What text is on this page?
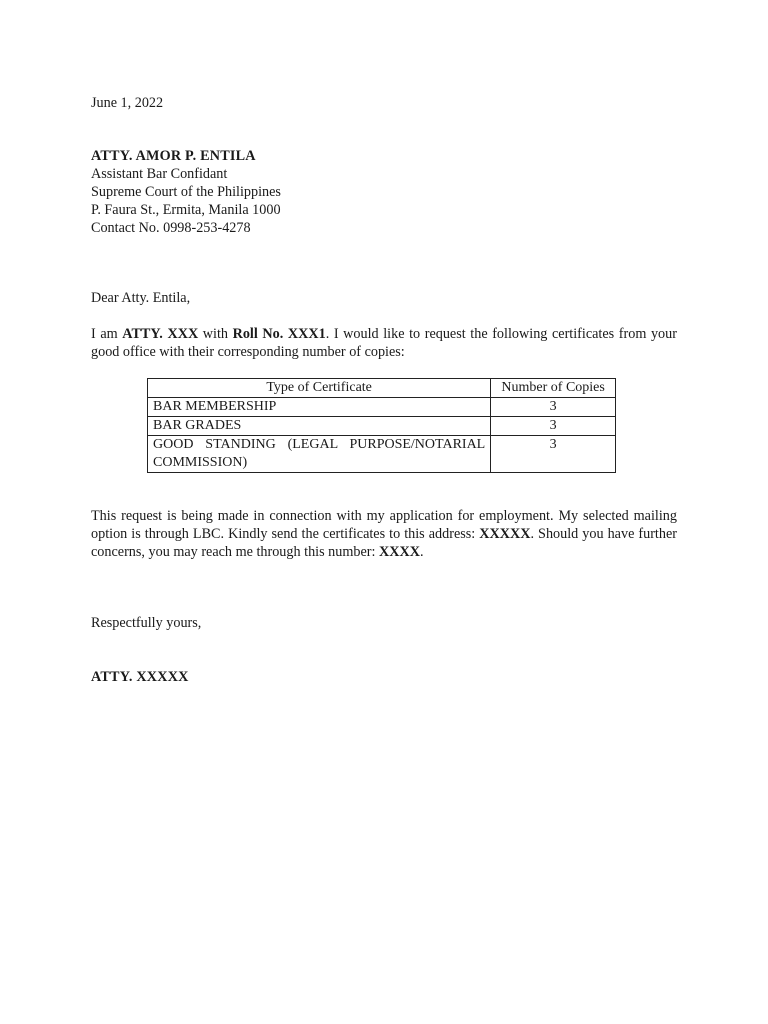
June 1, 2022
ATTY. AMOR P. ENTILA
Assistant Bar Confidant
Supreme Court of the Philippines
P. Faura St., Ermita, Manila 1000
Contact No. 0998-253-4278
Dear Atty. Entila,
I am ATTY. XXX with Roll No. XXX1. I would like to request the following certificates from your good office with their corresponding number of copies:
Type of Certificate	Number of Copies
BAR MEMBERSHIP	3
BAR GRADES	3
GOOD STANDING (LEGAL PURPOSE/NOTARIAL COMMISSION)	3
This request is being made in connection with my application for employment. My selected mailing option is through LBC. Kindly send the certificates to this address: XXXXX. Should you have further concerns, you may reach me through this number: XXXX.
Respectfully yours,
ATTY. XXXXX
